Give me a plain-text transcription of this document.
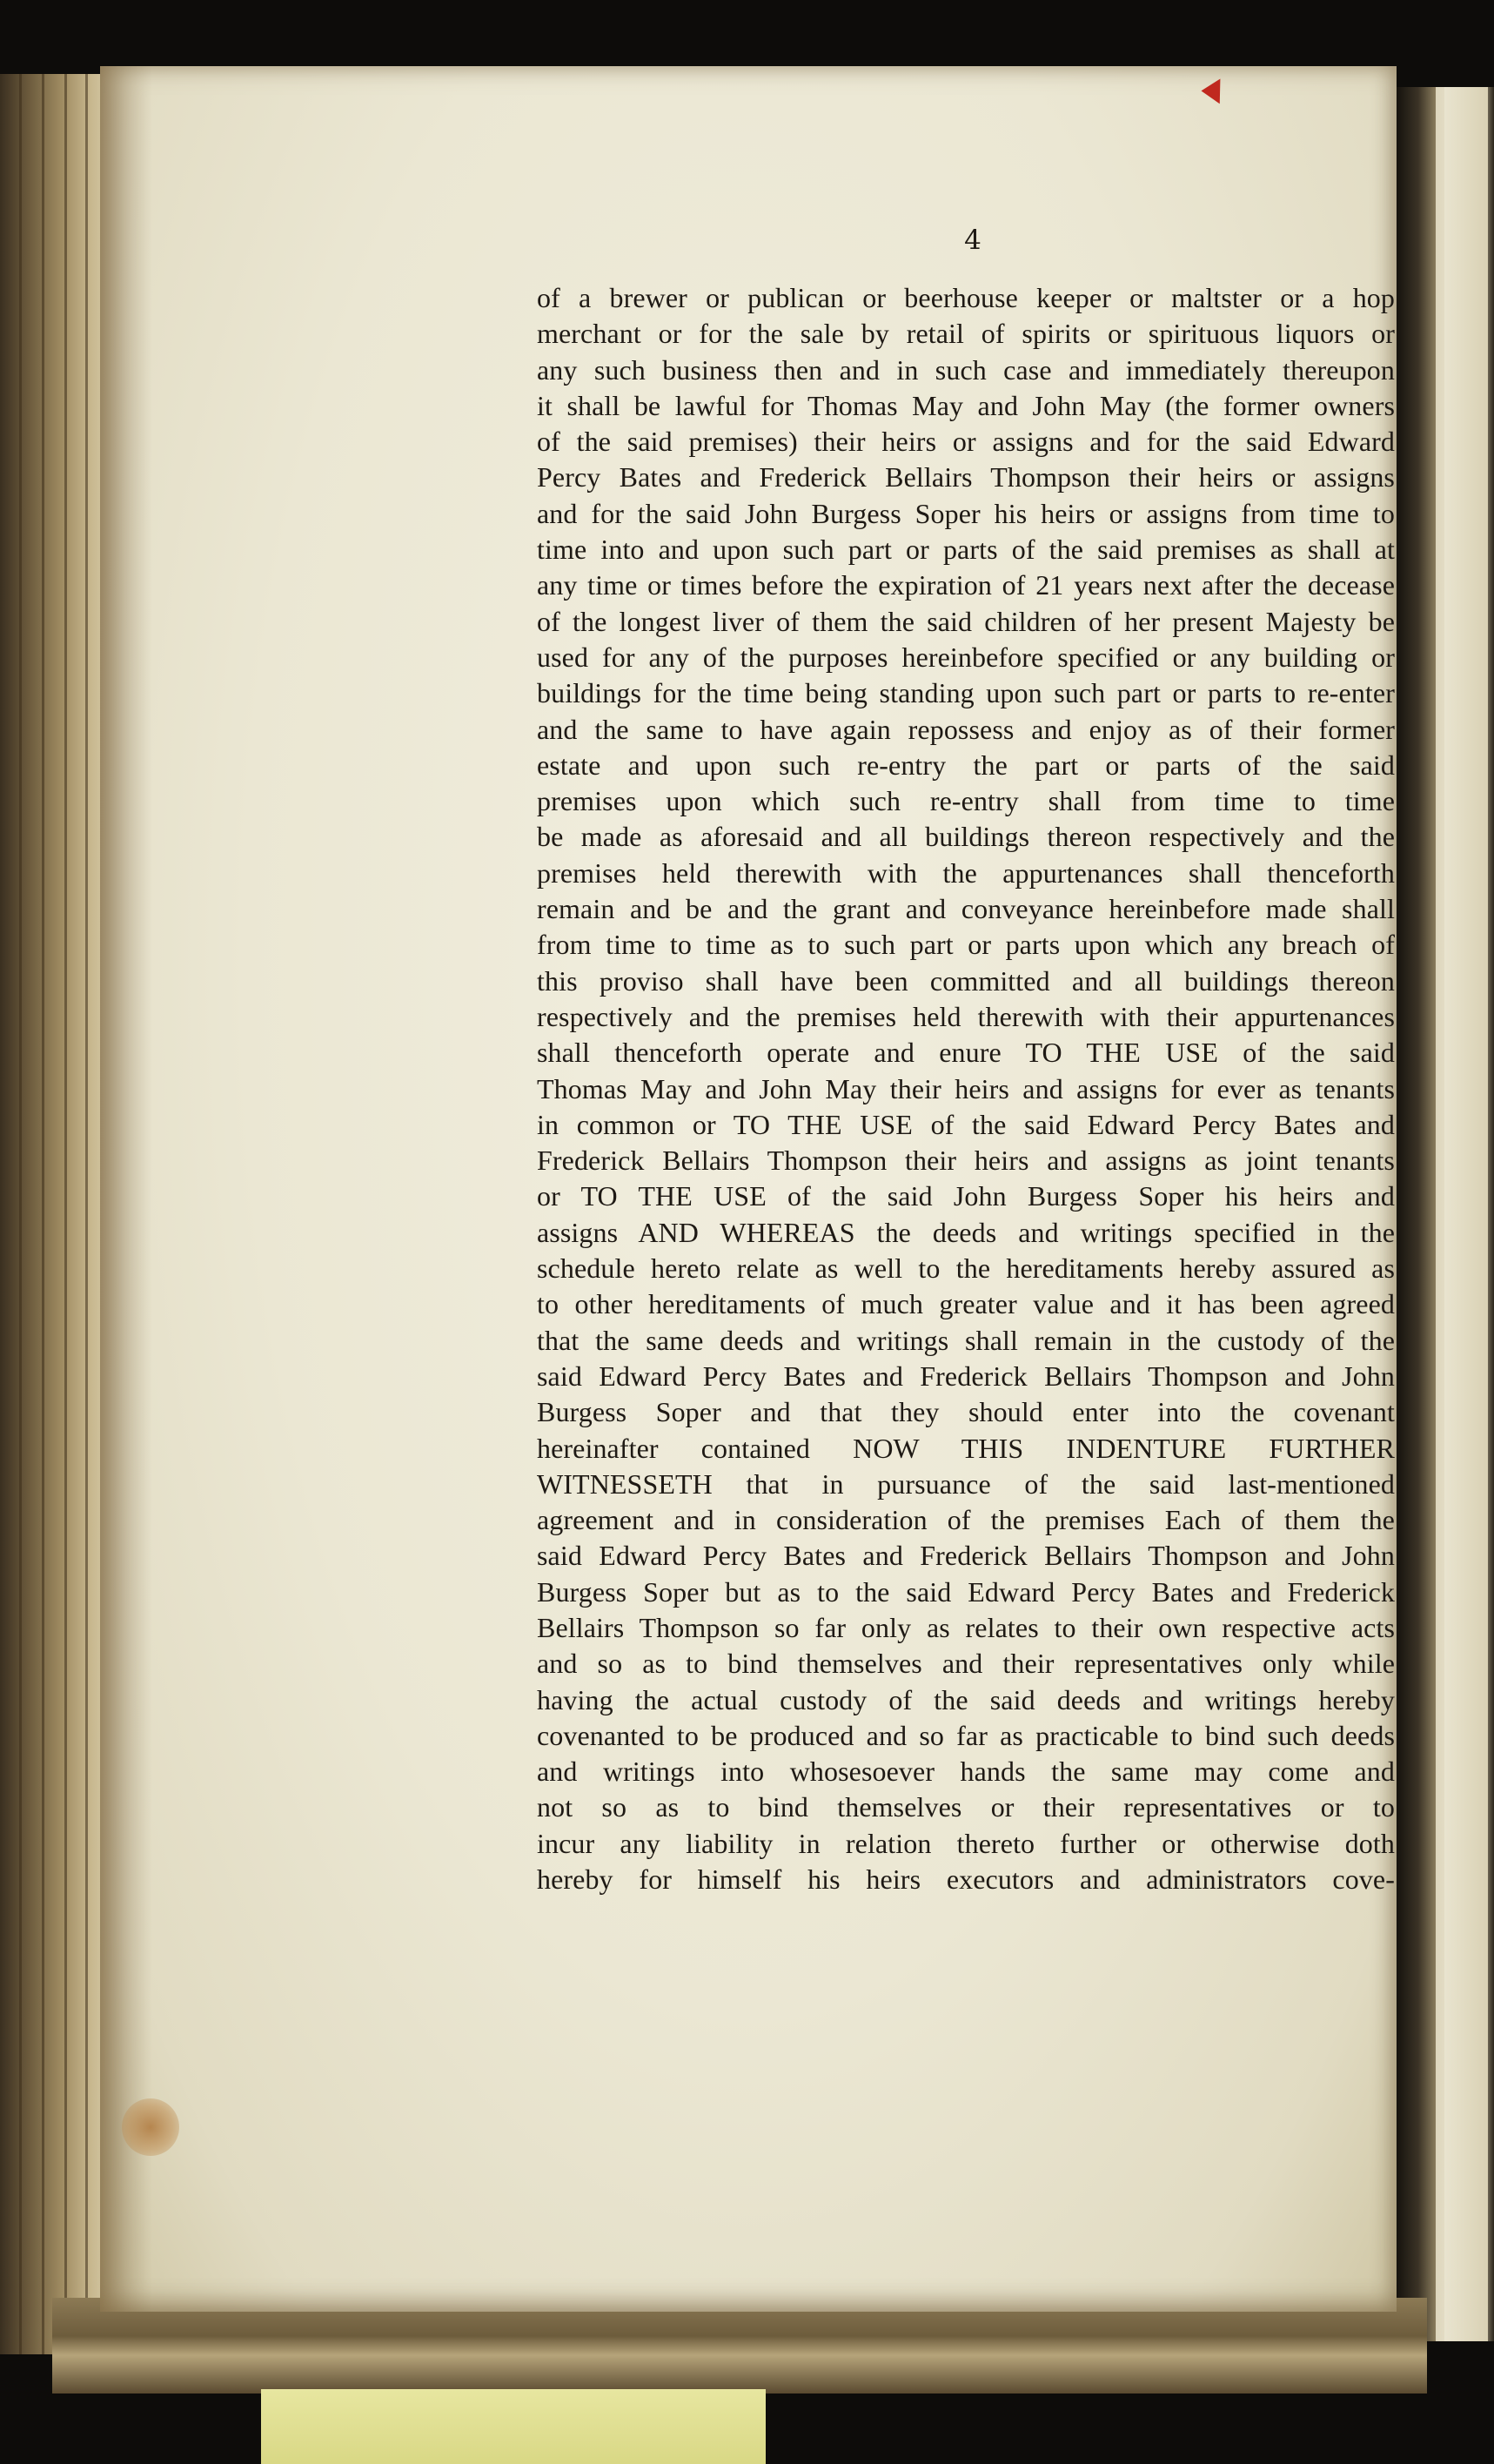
4
of a brewer or publican or beerhouse keeper or maltster or a hop
merchant or for the sale by retail of spirits or spirituous liquors or
any such business then and in such case and immediately thereupon
it shall be lawful for Thomas May and John May (the former owners
of the said premises) their heirs or assigns and for the said Edward
Percy Bates and Frederick Bellairs Thompson their heirs or assigns
and for the said John Burgess Soper his heirs or assigns from time to
time into and upon such part or parts of the said premises as shall at
any time or times before the expiration of 21 years next after the decease
of the longest liver of them the said children of her present Majesty be
used for any of the purposes hereinbefore specified or any building or
buildings for the time being standing upon such part or parts to re-enter
and the same to have again repossess and enjoy as of their former
estate and upon such re-entry the part or parts of the said
premises upon which such re-entry shall from time to time
be made as aforesaid and all buildings thereon respectively and the
premises held therewith with the appurtenances shall thenceforth
remain and be and the grant and conveyance hereinbefore made shall
from time to time as to such part or parts upon which any breach of
this proviso shall have been committed and all buildings thereon
respectively and the premises held therewith with their appurtenances
shall thenceforth operate and enure TO THE USE of the said
Thomas May and John May their heirs and assigns for ever as tenants
in common or TO THE USE of the said Edward Percy Bates and
Frederick Bellairs Thompson their heirs and assigns as joint tenants
or TO THE USE of the said John Burgess Soper his heirs and
assigns AND WHEREAS the deeds and writings specified in the
schedule hereto relate as well to the hereditaments hereby assured as
to other hereditaments of much greater value and it has been agreed
that the same deeds and writings shall remain in the custody of the
said Edward Percy Bates and Frederick Bellairs Thompson and John
Burgess Soper and that they should enter into the covenant
hereinafter contained NOW THIS INDENTURE FURTHER
WITNESSETH that in pursuance of the said last-mentioned
agreement and in consideration of the premises Each of them the
said Edward Percy Bates and Frederick Bellairs Thompson and John
Burgess Soper but as to the said Edward Percy Bates and Frederick
Bellairs Thompson so far only as relates to their own respective acts
and so as to bind themselves and their representatives only while
having the actual custody of the said deeds and writings hereby
covenanted to be produced and so far as practicable to bind such deeds
and writings into whosesoever hands the same may come and
not so as to bind themselves or their representatives or to
incur any liability in relation thereto further or otherwise doth
hereby for himself his heirs executors and administrators cove-
